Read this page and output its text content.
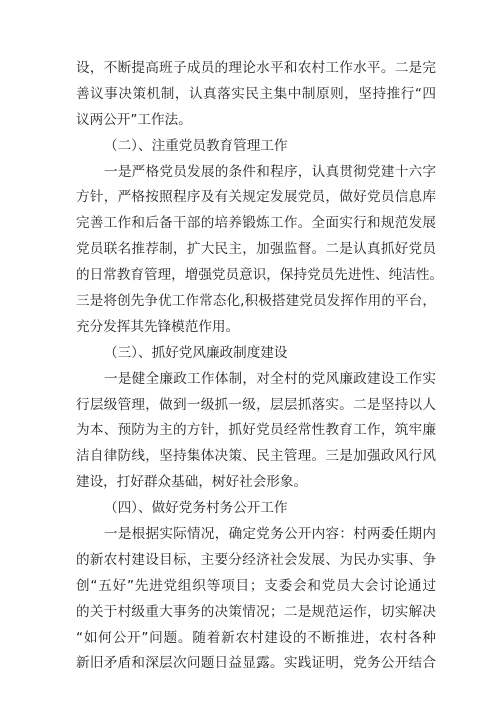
设，不断提高班子成员的理论水平和农村工作水平。二是完
善议事决策机制，认真落实民主集中制原则，坚持推行“四
议两公开”工作法。
（二）、注重党员教育管理工作
一是严格党员发展的条件和程序，认真贯彻党建十六字
方针，严格按照程序及有关规定发展党员，做好党员信息库
完善工作和后备干部的培养锻炼工作。全面实行和规范发展
党员联名推荐制，扩大民主，加强监督。二是认真抓好党员
的日常教育管理，增强党员意识，保持党员先进性、纯洁性。
三是将创先争优工作常态化,积极搭建党员发挥作用的平台，
充分发挥其先锋模范作用。
（三）、抓好党风廉政制度建设
一是健全廉政工作体制，对全村的党风廉政建设工作实
行层级管理，做到一级抓一级，层层抓落实。二是坚持以人
为本、预防为主的方针，抓好党员经常性教育工作，筑牢廉
洁自律防线，坚持集体决策、民主管理。三是加强政风行风
建设，打好群众基础，树好社会形象。
（四）、做好党务村务公开工作
一是根据实际情况，确定党务公开内容：村两委任期内
的新农村建设目标，主要分经济社会发展、为民办实事、争
创“五好”先进党组织等项目；支委会和党员大会讨论通过
的关于村级重大事务的决策情况；二是规范运作，切实解决
“如何公开”问题。随着新农村建设的不断推进，农村各种
新旧矛盾和深层次问题日益显露。实践证明，党务公开结合
